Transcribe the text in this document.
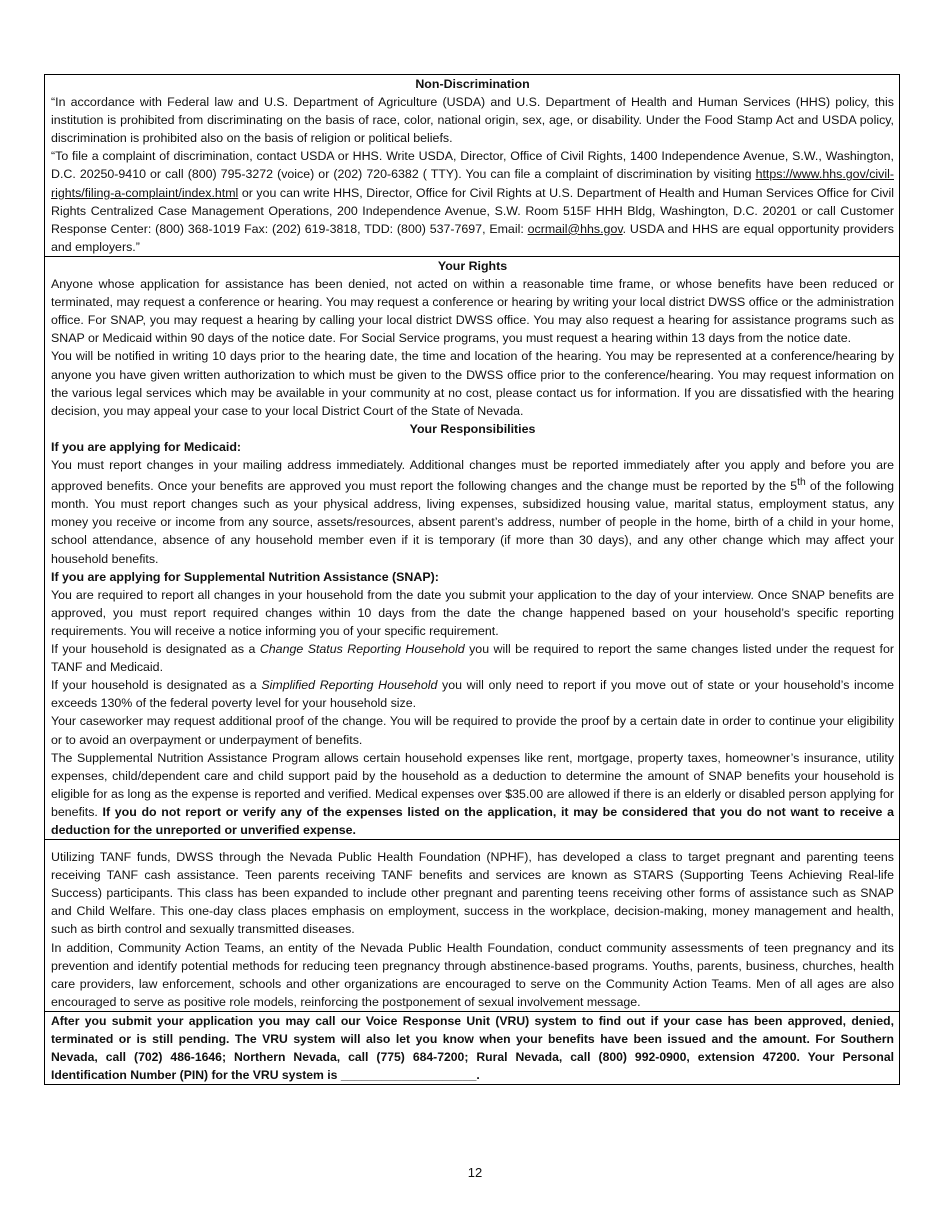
Non-Discrimination

“In accordance with Federal law and U.S. Department of Agriculture (USDA) and U.S. Department of Health and Human Services (HHS) policy, this institution is prohibited from discriminating on the basis of race, color, national origin, sex, age, or disability. Under the Food Stamp Act and USDA policy, discrimination is prohibited also on the basis of religion or political beliefs.

“To file a complaint of discrimination, contact USDA or HHS. Write USDA, Director, Office of Civil Rights, 1400 Independence Avenue, S.W., Washington, D.C. 20250-9410 or call (800) 795-3272 (voice) or (202) 720-6382 ( TTY). You can file a complaint of discrimination by visiting https://www.hhs.gov/civil-rights/filing-a-complaint/index.html or you can write HHS, Director, Office for Civil Rights at U.S. Department of Health and Human Services Office for Civil Rights Centralized Case Management Operations, 200 Independence Avenue, S.W. Room 515F HHH Bldg, Washington, D.C. 20201 or call Customer Response Center: (800) 368-1019 Fax: (202) 619-3818, TDD: (800) 537-7697, Email: ocrmail@hhs.gov. USDA and HHS are equal opportunity providers and employers.”

Your Rights

Anyone whose application for assistance has been denied, not acted on within a reasonable time frame, or whose benefits have been reduced or terminated, may request a conference or hearing. You may request a conference or hearing by writing your local district DWSS office or the administration office. For SNAP, you may request a hearing by calling your local district DWSS office. You may also request a hearing for assistance programs such as SNAP or Medicaid within 90 days of the notice date. For Social Service programs, you must request a hearing within 13 days from the notice date.

You will be notified in writing 10 days prior to the hearing date, the time and location of the hearing. You may be represented at a conference/hearing by anyone you have given written authorization to which must be given to the DWSS office prior to the conference/hearing. You may request information on the various legal services which may be available in your community at no cost, please contact us for information. If you are dissatisfied with the hearing decision, you may appeal your case to your local District Court of the State of Nevada.

Your Responsibilities

If you are applying for Medicaid:

You must report changes in your mailing address immediately. Additional changes must be reported immediately after you apply and before you are approved benefits. Once your benefits are approved you must report the following changes and the change must be reported by the 5th of the following month. You must report changes such as your physical address, living expenses, subsidized housing value, marital status, employment status, any money you receive or income from any source, assets/resources, absent parent’s address, number of people in the home, birth of a child in your home, school attendance, absence of any household member even if it is temporary (if more than 30 days), and any other change which may affect your household benefits.

If you are applying for Supplemental Nutrition Assistance (SNAP):

You are required to report all changes in your household from the date you submit your application to the day of your interview. Once SNAP benefits are approved, you must report required changes within 10 days from the date the change happened based on your household’s specific reporting requirements. You will receive a notice informing you of your specific requirement.

If your household is designated as a Change Status Reporting Household you will be required to report the same changes listed under the request for TANF and Medicaid.

If your household is designated as a Simplified Reporting Household you will only need to report if you move out of state or your household’s income exceeds 130% of the federal poverty level for your household size.

Your caseworker may request additional proof of the change. You will be required to provide the proof by a certain date in order to continue your eligibility or to avoid an overpayment or underpayment of benefits.

The Supplemental Nutrition Assistance Program allows certain household expenses like rent, mortgage, property taxes, homeowner’s insurance, utility expenses, child/dependent care and child support paid by the household as a deduction to determine the amount of SNAP benefits your household is eligible for as long as the expense is reported and verified. Medical expenses over $35.00 are allowed if there is an elderly or disabled person applying for benefits. If you do not report or verify any of the expenses listed on the application, it may be considered that you do not want to receive a deduction for the unreported or unverified expense.

Utilizing TANF funds, DWSS through the Nevada Public Health Foundation (NPHF), has developed a class to target pregnant and parenting teens receiving TANF cash assistance. Teen parents receiving TANF benefits and services are known as STARS (Supporting Teens Achieving Real-life Success) participants. This class has been expanded to include other pregnant and parenting teens receiving other forms of assistance such as SNAP and Child Welfare. This one-day class places emphasis on employment, success in the workplace, decision-making, money management and health, such as birth control and sexually transmitted diseases.

In addition, Community Action Teams, an entity of the Nevada Public Health Foundation, conduct community assessments of teen pregnancy and its prevention and identify potential methods for reducing teen pregnancy through abstinence-based programs. Youths, parents, business, churches, health care providers, law enforcement, schools and other organizations are encouraged to serve on the Community Action Teams. Men of all ages are also encouraged to serve as positive role models, reinforcing the postponement of sexual involvement message.

After you submit your application you may call our Voice Response Unit (VRU) system to find out if your case has been approved, denied, terminated or is still pending. The VRU system will also let you know when your benefits have been issued and the amount. For Southern Nevada, call (702) 486-1646; Northern Nevada, call (775) 684-7200; Rural Nevada, call (800) 992-0900, extension 47200. Your Personal Identification Number (PIN) for the VRU system is ____________________.

12
